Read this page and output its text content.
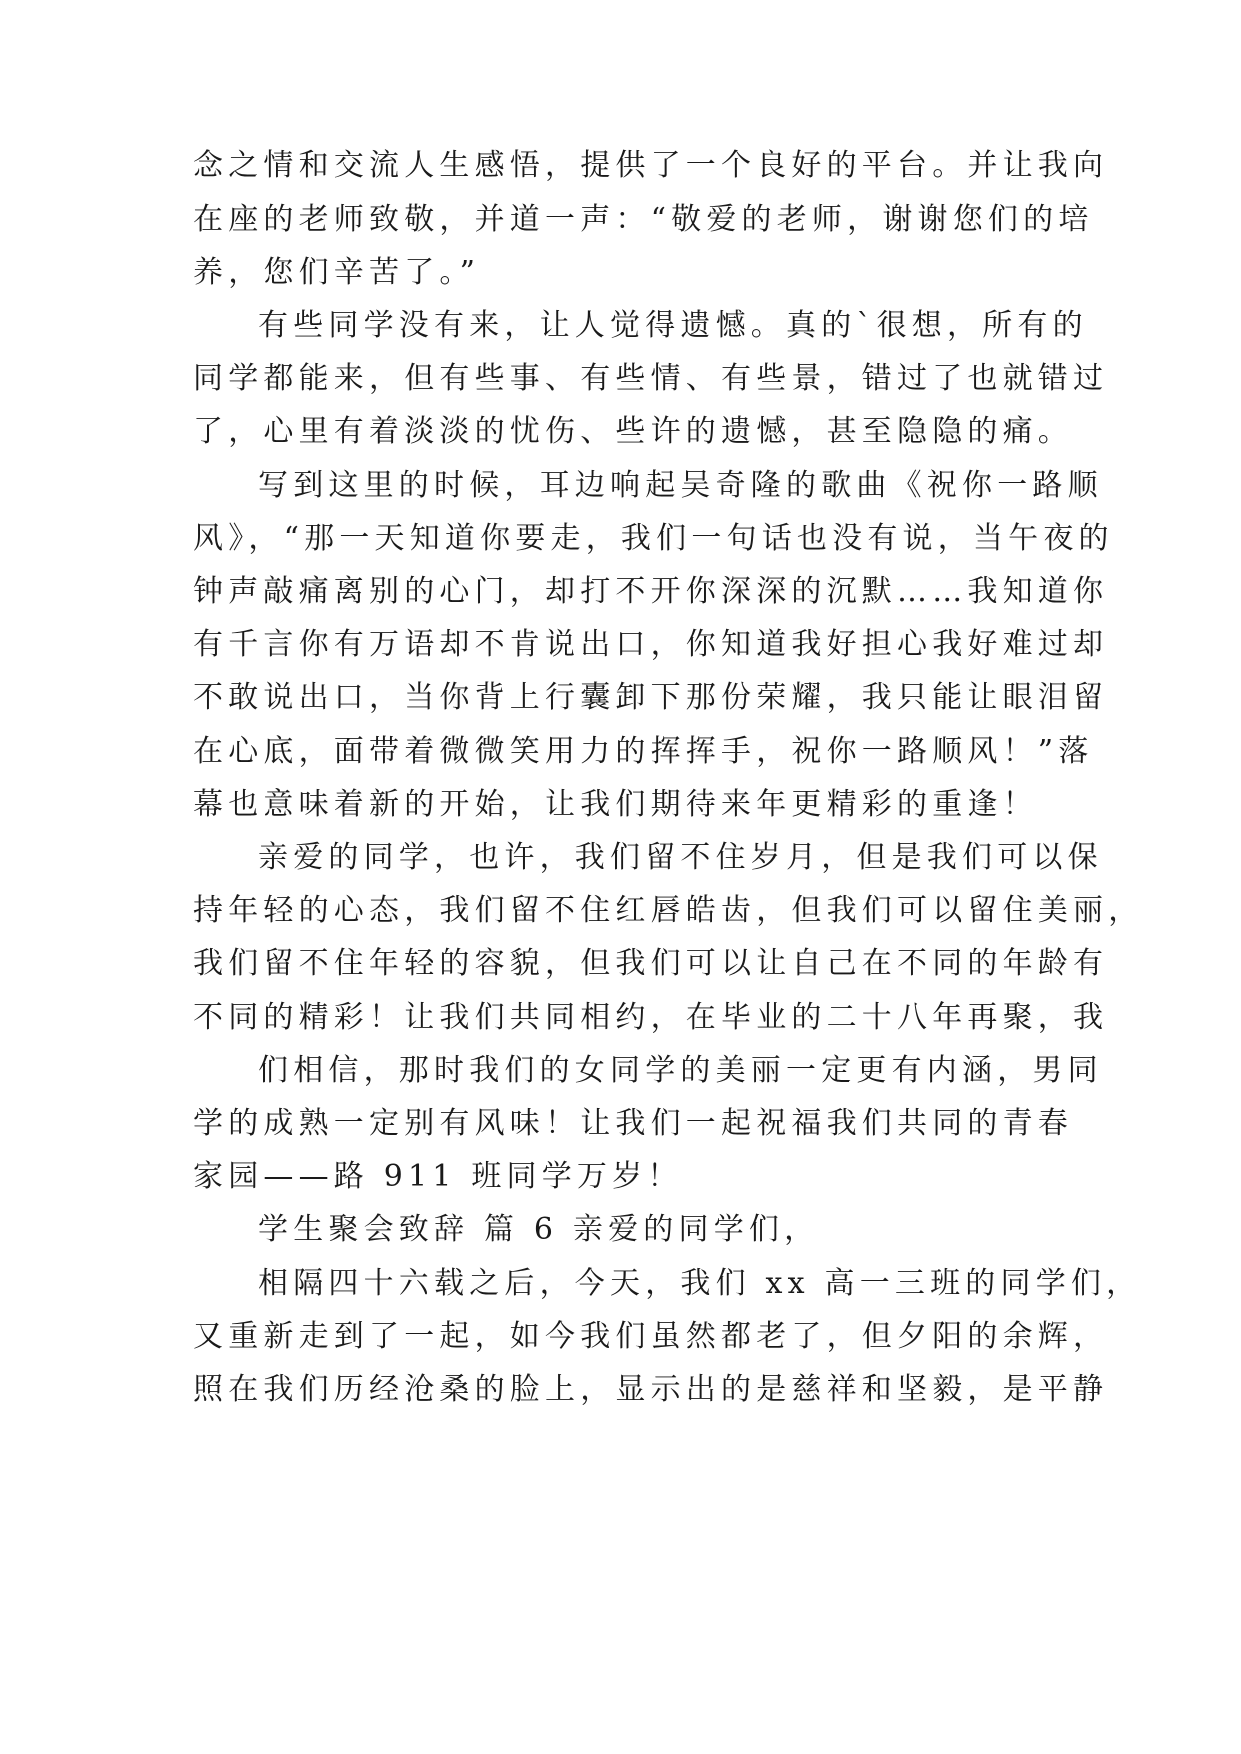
念之情和交流人生感悟，提供了一个良好的平台。并让我向
在座的老师致敬，并道一声：“敬爱的老师，谢谢您们的培
养，您们辛苦了。”
有些同学没有来，让人觉得遗憾。真的`很想，所有的
同学都能来，但有些事、有些情、有些景，错过了也就错过
了，心里有着淡淡的忧伤、些许的遗憾，甚至隐隐的痛。
写到这里的时候，耳边响起吴奇隆的歌曲《祝你一路顺
风》，“那一天知道你要走，我们一句话也没有说，当午夜的
钟声敲痛离别的心门，却打不开你深深的沉默……我知道你
有千言你有万语却不肯说出口，你知道我好担心我好难过却
不敢说出口，当你背上行囊卸下那份荣耀，我只能让眼泪留
在心底，面带着微微笑用力的挥挥手，祝你一路顺风！”落
幕也意味着新的开始，让我们期待来年更精彩的重逢！
亲爱的同学，也许，我们留不住岁月，但是我们可以保
持年轻的心态，我们留不住红唇皓齿，但我们可以留住美丽，
我们留不住年轻的容貌，但我们可以让自己在不同的年龄有
不同的精彩！让我们共同相约，在毕业的二十八年再聚，我
们相信，那时我们的女同学的美丽一定更有内涵，男同
学的成熟一定别有风味！让我们一起祝福我们共同的青春
家园——路 911 班同学万岁！
学生聚会致辞 篇 6 亲爱的同学们，
相隔四十六载之后，今天，我们 xx 高一三班的同学们，
又重新走到了一起，如今我们虽然都老了，但夕阳的余辉，
照在我们历经沧桑的脸上，显示出的是慈祥和坚毅，是平静
